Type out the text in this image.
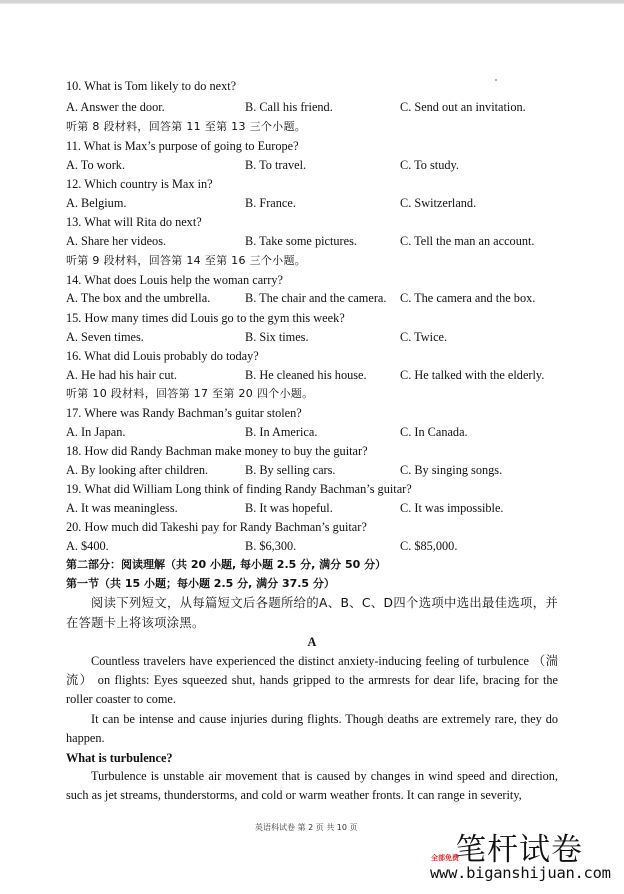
10. What is Tom likely to do next?
A. Answer the door.	B. Call his friend.	C. Send out an invitation.
听第 8 段材料，回答第 11 至第 13 三个小题。
11. What is Max’s purpose of going to Europe?
A. To work.	B. To travel.	C. To study.
12. Which country is Max in?
A. Belgium.	B. France.	C. Switzerland.
13. What will Rita do next?
A. Share her videos.	B. Take some pictures.	C. Tell the man an account.
听第 9 段材料，回答第 14 至第 16 三个小题。
14. What does Louis help the woman carry?
A. The box and the umbrella.	B. The chair and the camera. C. The camera and the box.
15. How many times did Louis go to the gym this week?
A. Seven times.	B. Six times.	C. Twice.
16. What did Louis probably do today?
A. He had his hair cut.	B. He cleaned his house.	C. He talked with the elderly.
听第 10 段材料，回答第 17 至第 20 四个小题。
17. Where was Randy Bachman’s guitar stolen?
A. In Japan.	B. In America.	C. In Canada.
18. How did Randy Bachman make money to buy the guitar?
A. By looking after children.	B. By selling cars.	C. By singing songs.
19. What did William Long think of finding Randy Bachman’s guitar?
A. It was meaningless.	B. It was hopeful.	C. It was impossible.
20. How much did Takeshi pay for Randy Bachman’s guitar?
A. $400.	B. $6,300.	C. $85,000.
第二部分：阅读理解（共 20 小题, 每小题 2.5 分, 满分 50 分）
第一节（共 15 小题；每小题 2.5 分, 满分 37.5 分）
阅读下列短文，从每篇短文后各题所给的A、B、C、D四个选项中选出最佳选项，并在答题卡上将该项涂黑。
A
Countless travelers have experienced the distinct anxiety-inducing feeling of turbulence （湍流） on flights: Eyes squeezed shut, hands gripped to the armrests for dear life, bracing for the roller coaster to come.
It can be intense and cause injuries during flights. Though deaths are extremely rare, they do happen.
What is turbulence?
Turbulence is unstable air movement that is caused by changes in wind speed and direction, such as jet streams, thunderstorms, and cold or warm weather fronts. It can range in severity,
英语科试卷 第 2 页 共 10 页
笔杆试卷
全部免费
www.biganshijuan.com
